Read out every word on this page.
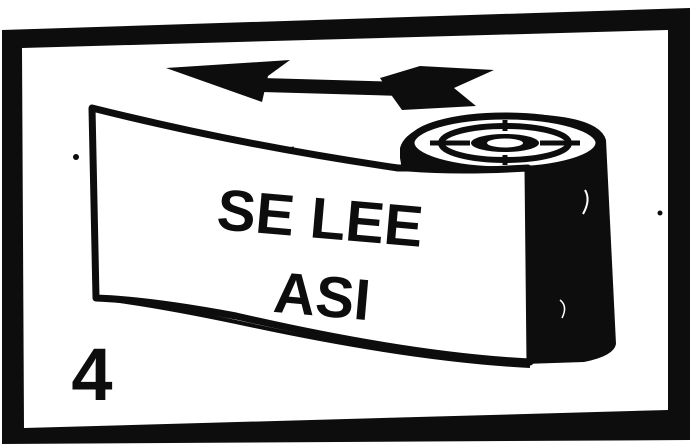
SE LEE
ASI
4
